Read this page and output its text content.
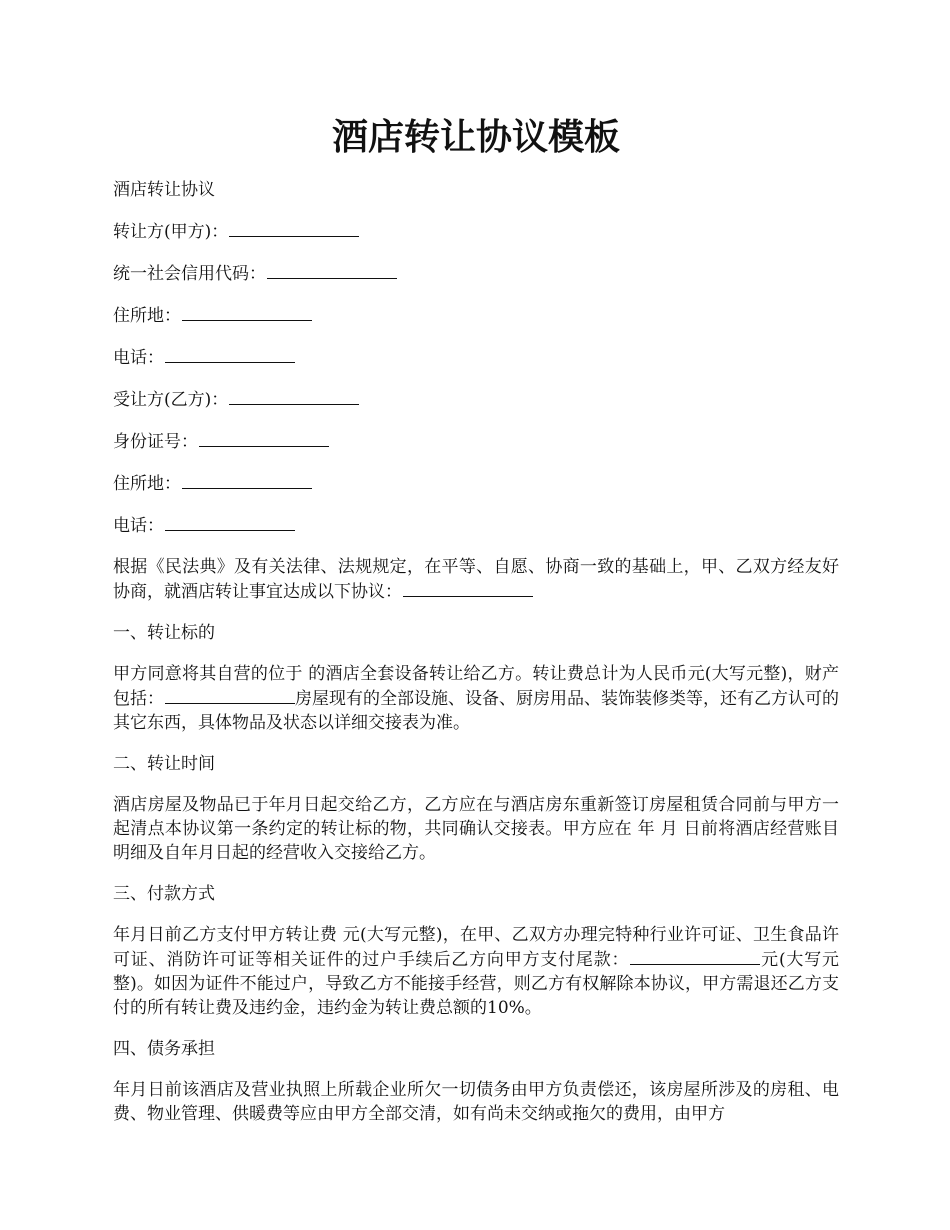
酒店转让协议模板
酒店转让协议
转让方(甲方)：
统一社会信用代码：
住所地：
电话：
受让方(乙方)：
身份证号：
住所地：
电话：
根据《民法典》及有关法律、法规规定，在平等、自愿、协商一致的基础上，甲、乙双方经友好协商，就酒店转让事宜达成以下协议：
一、转让标的
甲方同意将其自营的位于 的酒店全套设备转让给乙方。转让费总计为人民币元(大写元整)，财产包括：	房屋现有的全部设施、设备、厨房用品、装饰装修类等，还有乙方认可的其它东西，具体物品及状态以详细交接表为准。
二、转让时间
酒店房屋及物品已于年月日起交给乙方，乙方应在与酒店房东重新签订房屋租赁合同前与甲方一起清点本协议第一条约定的转让标的物，共同确认交接表。甲方应在 年 月 日前将酒店经营账目明细及自年月日起的经营收入交接给乙方。
三、付款方式
年月日前乙方支付甲方转让费 元(大写元整)，在甲、乙双方办理完特种行业许可证、卫生食品许可证、消防许可证等相关证件的过户手续后乙方向甲方支付尾款：	元(大写元整)。如因为证件不能过户，导致乙方不能接手经营，则乙方有权解除本协议，甲方需退还乙方支付的所有转让费及违约金，违约金为转让费总额的10%。
四、债务承担
年月日前该酒店及营业执照上所载企业所欠一切债务由甲方负责偿还，该房屋所涉及的房租、电费、物业管理、供暖费等应由甲方全部交清，如有尚未交纳或拖欠的费用，由甲方
